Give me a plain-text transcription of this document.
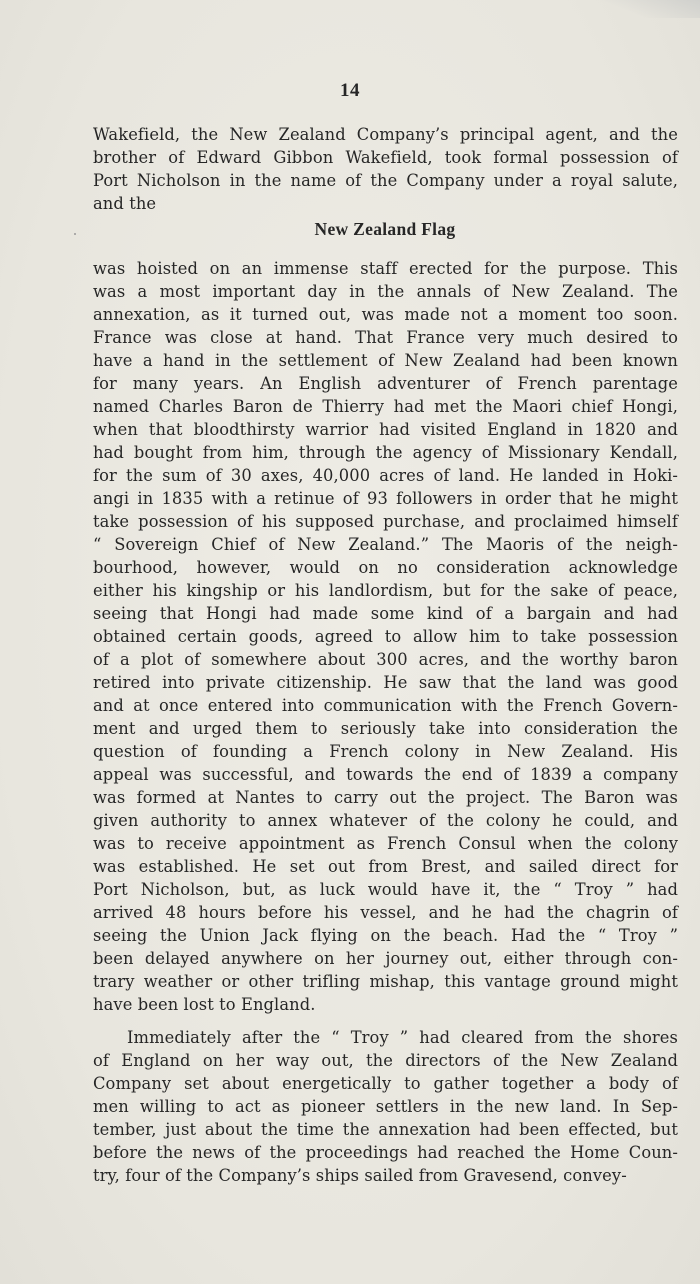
14
Wakefield, the New Zealand Company’s principal agent, and the
brother of Edward Gibbon Wakefield, took formal possession of
Port Nicholson in the name of the Company under a royal salute,
and the
New Zealand Flag
was hoisted on an immense staff erected for the purpose. This
was a most important day in the annals of New Zealand. The
annexation, as it turned out, was made not a moment too soon.
France was close at hand. That France very much desired to
have a hand in the settlement of New Zealand had been known
for many years. An English adventurer of French parentage
named Charles Baron de Thierry had met the Maori chief Hongi,
when that bloodthirsty warrior had visited England in 1820 and
had bought from him, through the agency of Missionary Kendall,
for the sum of 30 axes, 40,000 acres of land. He landed in Hoki-
angi in 1835 with a retinue of 93 followers in order that he might
take possession of his supposed purchase, and proclaimed himself
“ Sovereign Chief of New Zealand.” The Maoris of the neigh-
bourhood, however, would on no consideration acknowledge
either his kingship or his landlordism, but for the sake of peace,
seeing that Hongi had made some kind of a bargain and had
obtained certain goods, agreed to allow him to take possession
of a plot of somewhere about 300 acres, and the worthy baron
retired into private citizenship. He saw that the land was good
and at once entered into communication with the French Govern-
ment and urged them to seriously take into consideration the
question of founding a French colony in New Zealand. His
appeal was successful, and towards the end of 1839 a company
was formed at Nantes to carry out the project. The Baron was
given authority to annex whatever of the colony he could, and
was to receive appointment as French Consul when the colony
was established. He set out from Brest, and sailed direct for
Port Nicholson, but, as luck would have it, the “ Troy ” had
arrived 48 hours before his vessel, and he had the chagrin of
seeing the Union Jack flying on the beach. Had the “ Troy ”
been delayed anywhere on her journey out, either through con-
trary weather or other trifling mishap, this vantage ground might
have been lost to England.
Immediately after the “ Troy ” had cleared from the shores
of England on her way out, the directors of the New Zealand
Company set about energetically to gather together a body of
men willing to act as pioneer settlers in the new land. In Sep-
tember, just about the time the annexation had been effected, but
before the news of the proceedings had reached the Home Coun-
try, four of the Company’s ships sailed from Gravesend, convey-
